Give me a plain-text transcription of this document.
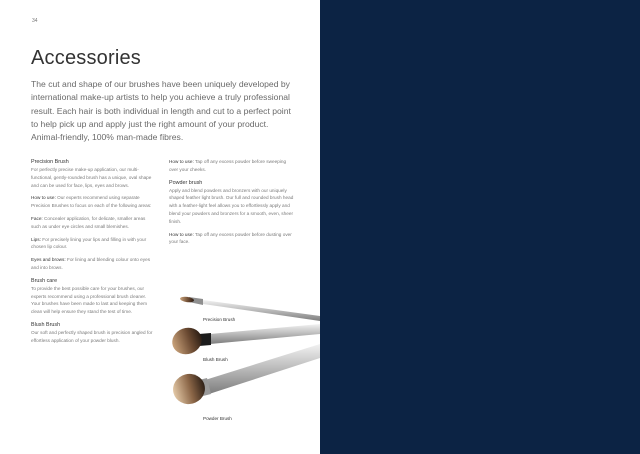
34
Accessories

The cut and shape of our brushes have been uniquely developed by international make-up artists to help you achieve a truly professional result. Each hair is both individual in length and cut to a perfect point to help pick up and apply just the right amount of your product. Animal-friendly, 100% man-made fibres.

Precision Brush
For perfectly precise make-up application, our multi-functional, gently-rounded brush has a unique, oval shape and can be used for face, lips, eyes and brows.
How to use: Our experts recommend using separate Precision Brushes to focus on each of the following areas:
Face: Concealer application, for delicate, smaller areas such as under eye circles and small blemishes.
Lips: For precisely lining your lips and filling in with your chosen lip colour.
Eyes and brows: For lining and blending colour onto eyes and into brows.
Brush care
To provide the best possible care for your brushes, our experts recommend using a professional brush cleaner. Your brushes have been made to last and keeping them clean will help ensure they stand the test of time.
Blush Brush
Our soft and perfectly shaped brush is precision angled for effortless application of your powder blush.
How to use: Tap off any excess powder before sweeping over your cheeks.
Powder brush
Apply and blend powders and bronzers with our uniquely shaped feather light brush. Our full and rounded brush head with a feather-light feel allows you to effortlessly apply and blend your powders and bronzers for a smooth, even, sheer finish.
How to use: Tap off any excess powder before dusting over your face.
Precision Brush
Blush Brush
Powder Brush
